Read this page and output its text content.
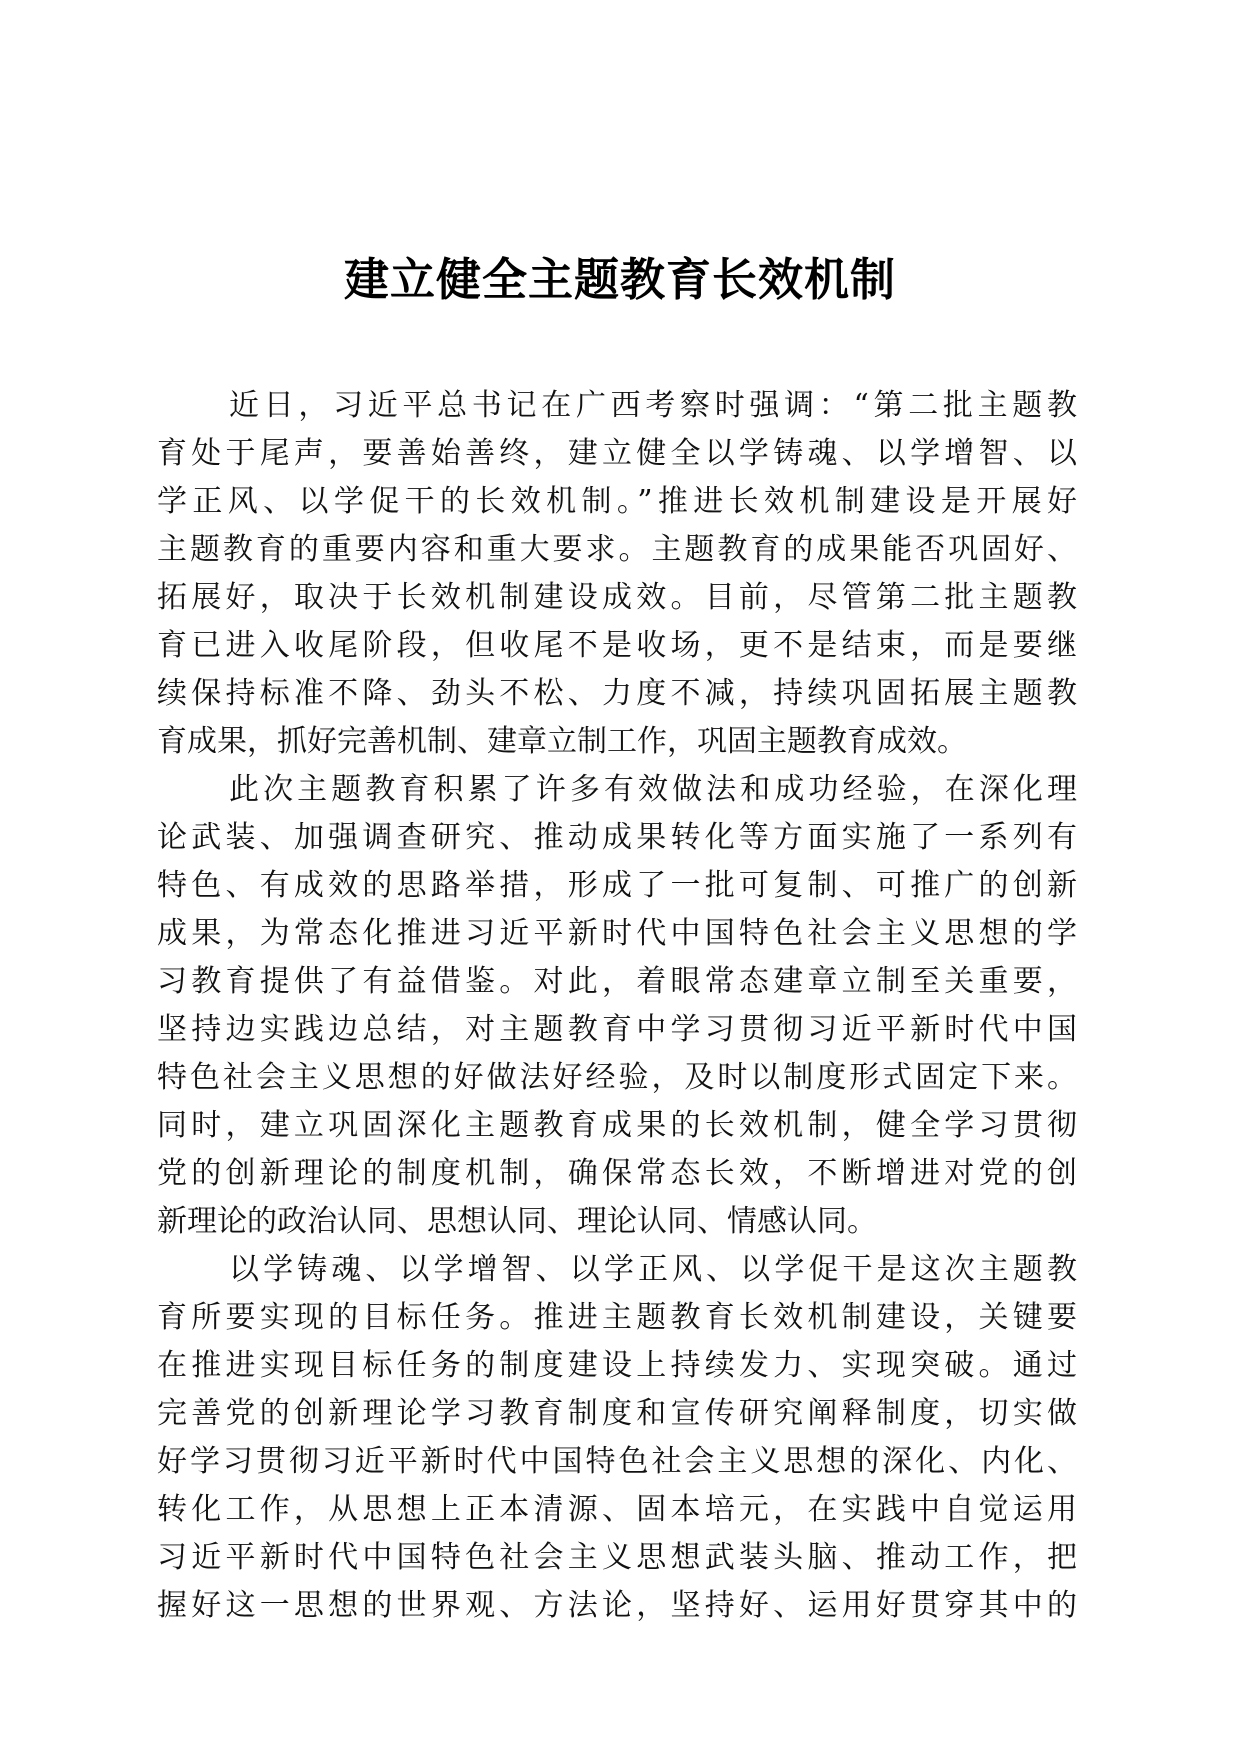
建立健全主题教育长效机制

近日，习近平总书记在广西考察时强调：“第二批主题教
育处于尾声，要善始善终，建立健全以学铸魂、以学增智、以
学正风、以学促干的长效机制。”推进长效机制建设是开展好
主题教育的重要内容和重大要求。主题教育的成果能否巩固好、
拓展好，取决于长效机制建设成效。目前，尽管第二批主题教
育已进入收尾阶段，但收尾不是收场，更不是结束，而是要继
续保持标准不降、劲头不松、力度不减，持续巩固拓展主题教
育成果，抓好完善机制、建章立制工作，巩固主题教育成效。

此次主题教育积累了许多有效做法和成功经验，在深化理
论武装、加强调查研究、推动成果转化等方面实施了一系列有
特色、有成效的思路举措，形成了一批可复制、可推广的创新
成果，为常态化推进习近平新时代中国特色社会主义思想的学
习教育提供了有益借鉴。对此，着眼常态建章立制至关重要，
坚持边实践边总结，对主题教育中学习贯彻习近平新时代中国
特色社会主义思想的好做法好经验，及时以制度形式固定下来。
同时，建立巩固深化主题教育成果的长效机制，健全学习贯彻
党的创新理论的制度机制，确保常态长效，不断增进对党的创
新理论的政治认同、思想认同、理论认同、情感认同。

以学铸魂、以学增智、以学正风、以学促干是这次主题教
育所要实现的目标任务。推进主题教育长效机制建设，关键要
在推进实现目标任务的制度建设上持续发力、实现突破。通过
完善党的创新理论学习教育制度和宣传研究阐释制度，切实做
好学习贯彻习近平新时代中国特色社会主义思想的深化、内化、
转化工作，从思想上正本清源、固本培元，在实践中自觉运用
习近平新时代中国特色社会主义思想武装头脑、推动工作，把
握好这一思想的世界观、方法论，坚持好、运用好贯穿其中的
